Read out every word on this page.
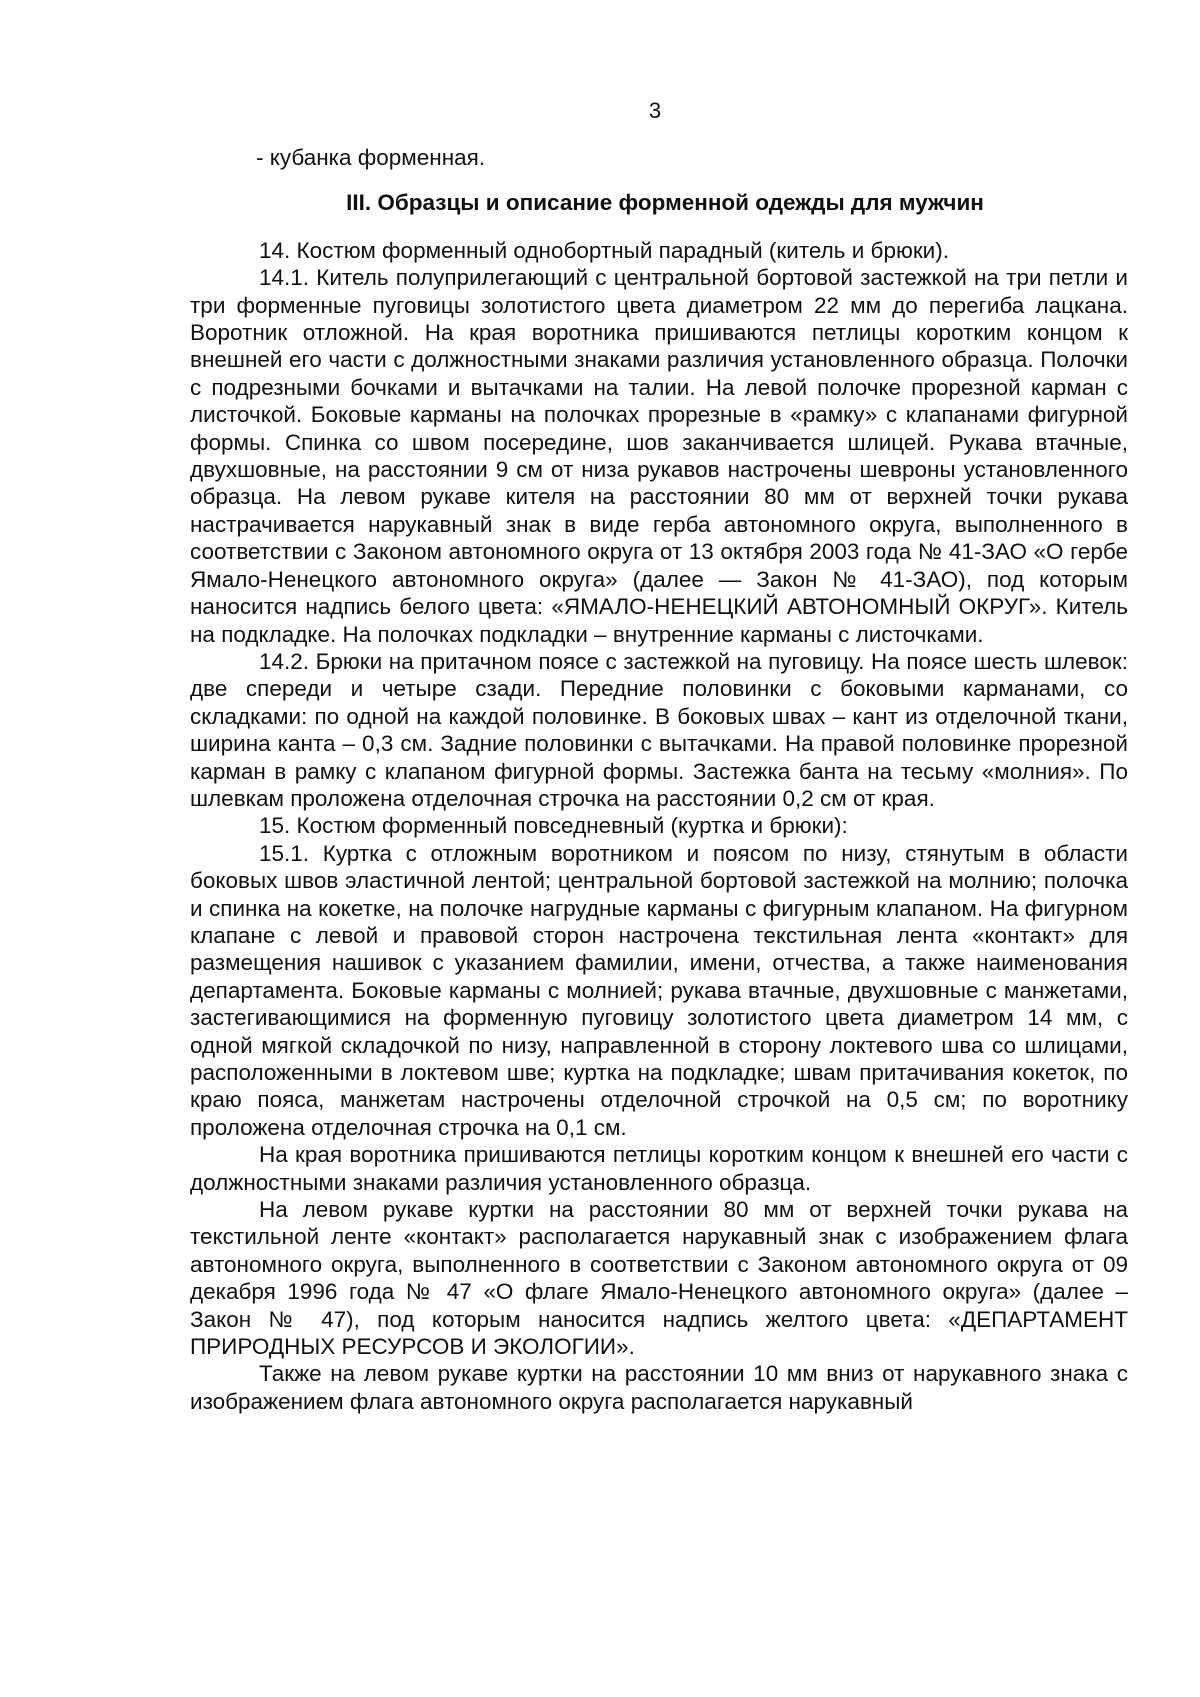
3

- кубанка форменная.

III. Образцы и описание форменной одежды для мужчин

14. Костюм форменный однобортный парадный (китель и брюки).

14.1. Китель полуприлегающий с центральной бортовой застежкой на три петли и три форменные пуговицы золотистого цвета диаметром 22 мм до перегиба лацкана. Воротник отложной. На края воротника пришиваются петлицы коротким концом к внешней его части с должностными знаками различия установленного образца. Полочки с подрезными бочками и вытачками на талии. На левой полочке прорезной карман с листочкой. Боковые карманы на полочках прорезные в «рамку» с клапанами фигурной формы. Спинка со швом посередине, шов заканчивается шлицей. Рукава втачные, двухшовные, на расстоянии 9 см от низа рукавов настрочены шевроны установленного образца. На левом рукаве кителя на расстоянии 80 мм от верхней точки рукава настрачивается нарукавный знак в виде герба автономного округа, выполненного в соответствии с Законом автономного округа от 13 октября 2003 года № 41-ЗАО «О гербе Ямало-Ненецкого автономного округа» (далее — Закон № 41-ЗАО), под которым наносится надпись белого цвета: «ЯМАЛО-НЕНЕЦКИЙ АВТОНОМНЫЙ ОКРУГ». Китель на подкладке. На полочках подкладки – внутренние карманы с листочками.

14.2. Брюки на притачном поясе с застежкой на пуговицу. На поясе шесть шлевок: две спереди и четыре сзади. Передние половинки с боковыми карманами, со складками: по одной на каждой половинке. В боковых швах – кант из отделочной ткани, ширина канта – 0,3 см. Задние половинки с вытачками. На правой половинке прорезной карман в рамку с клапаном фигурной формы. Застежка банта на тесьму «молния». По шлевкам проложена отделочная строчка на расстоянии 0,2 см от края.

15. Костюм форменный повседневный (куртка и брюки):

15.1. Куртка с отложным воротником и поясом по низу, стянутым в области боковых швов эластичной лентой; центральной бортовой застежкой на молнию; полочка и спинка на кокетке, на полочке нагрудные карманы с фигурным клапаном. На фигурном клапане с левой и правовой сторон настрочена текстильная лента «контакт» для размещения нашивок с указанием фамилии, имени, отчества, а также наименования департамента. Боковые карманы с молнией; рукава втачные, двухшовные с манжетами, застегивающимися на форменную пуговицу золотистого цвета диаметром 14 мм, с одной мягкой складочкой по низу, направленной в сторону локтевого шва со шлицами, расположенными в локтевом шве; куртка на подкладке; швам притачивания кокеток, по краю пояса, манжетам настрочены отделочной строчкой на 0,5 см; по воротнику проложена отделочная строчка на 0,1 см.

На края воротника пришиваются петлицы коротким концом к внешней его части с должностными знаками различия установленного образца.

На левом рукаве куртки на расстоянии 80 мм от верхней точки рукава на текстильной ленте «контакт» располагается нарукавный знак с изображением флага автономного округа, выполненного в соответствии с Законом автономного округа от 09 декабря 1996 года № 47 «О флаге Ямало-Ненецкого автономного округа» (далее – Закон № 47), под которым наносится надпись желтого цвета: «ДЕПАРТАМЕНТ ПРИРОДНЫХ РЕСУРСОВ И ЭКОЛОГИИ».

Также на левом рукаве куртки на расстоянии 10 мм вниз от нарукавного знака с изображением флага автономного округа располагается нарукавный
